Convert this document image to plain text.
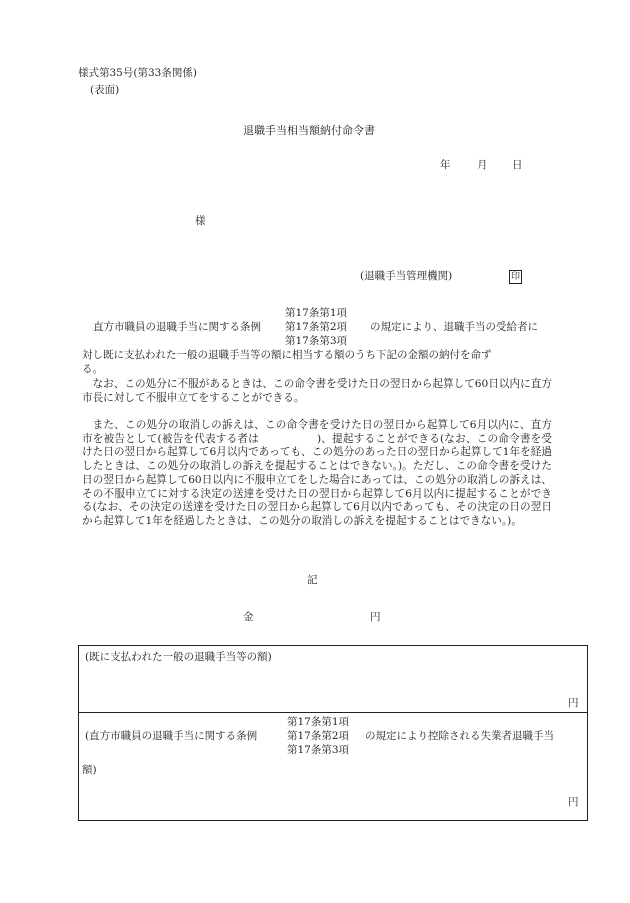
様式第35号(第33条関係)
(表面)
退職手当相当額納付命令書
年	月 日
様
(退職手当管理機関)	印
第17条第1項
直方市職員の退職手当に関する条例 第17条第2項 の規定により、退職手当の受給者に
第17条第3項
対し既に支払われた一般の退職手当等の額に相当する額のうち下記の金額の納付を命ず
る。

なお、この処分に不服があるときは、この命令書を受けた日の翌日から起算して60日以内に直方市長に対して不服申立てをすることができる。

また、この処分の取消しの訴えは、この命令書を受けた日の翌日から起算して6月以内に、直方市を被告として(被告を代表する者は	)、提起することができる(なお、この命令書を受けた日の翌日から起算して6月以内であっても、この処分のあった日の翌日から起算して1年を経過したときは、この処分の取消しの訴えを提起することはできない。)。ただし、この命令書を受けた日の翌日から起算して60日以内に不服申立てをした場合にあっては、この処分の取消しの訴えは、その不服申立てに対する決定の送達を受けた日の翌日から起算して6月以内に提起することができる(なお、その決定の送達を受けた日の翌日から起算して6月以内であっても、その決定の日の翌日から起算して1年を経過したときは、この処分の取消しの訴えを提起することはできない。)。

記
金	円
(既に支払われた一般の退職手当等の額)
円
第17条第1項
(直方市職員の退職手当に関する条例	第17条第2項 の規定により控除される失業者退職手当
第17条第3項
額)
円
